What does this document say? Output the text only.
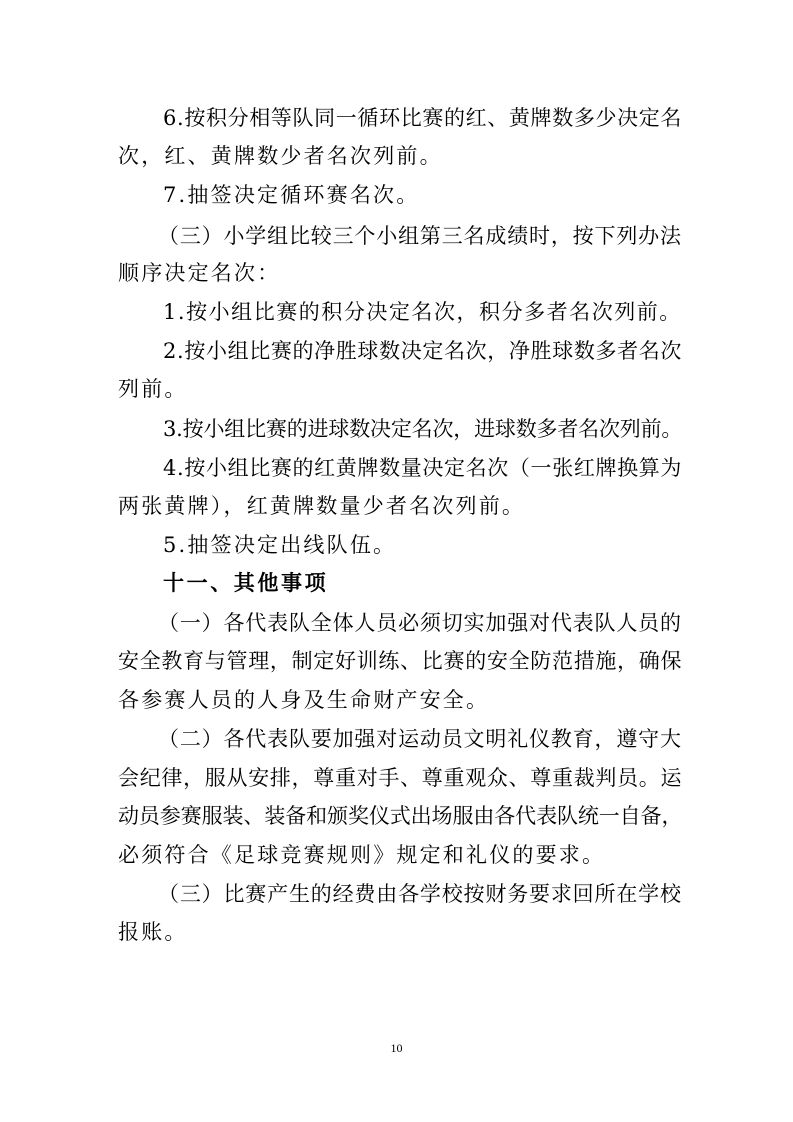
6.按积分相等队同一循环比赛的红、黄牌数多少决定名
次，红、黄牌数少者名次列前。
7.抽签决定循环赛名次。
（三）小学组比较三个小组第三名成绩时，按下列办法
顺序决定名次：
1.按小组比赛的积分决定名次，积分多者名次列前。
2.按小组比赛的净胜球数决定名次，净胜球数多者名次
列前。
3.按小组比赛的进球数决定名次，进球数多者名次列前。
4.按小组比赛的红黄牌数量决定名次（一张红牌换算为
两张黄牌），红黄牌数量少者名次列前。
5.抽签决定出线队伍。
十一、其他事项
（一）各代表队全体人员必须切实加强对代表队人员的
安全教育与管理，制定好训练、比赛的安全防范措施，确保
各参赛人员的人身及生命财产安全。
（二）各代表队要加强对运动员文明礼仪教育，遵守大
会纪律，服从安排，尊重对手、尊重观众、尊重裁判员。运
动员参赛服装、装备和颁奖仪式出场服由各代表队统一自备，
必须符合《足球竞赛规则》规定和礼仪的要求。
（三）比赛产生的经费由各学校按财务要求回所在学校
报账。
10
